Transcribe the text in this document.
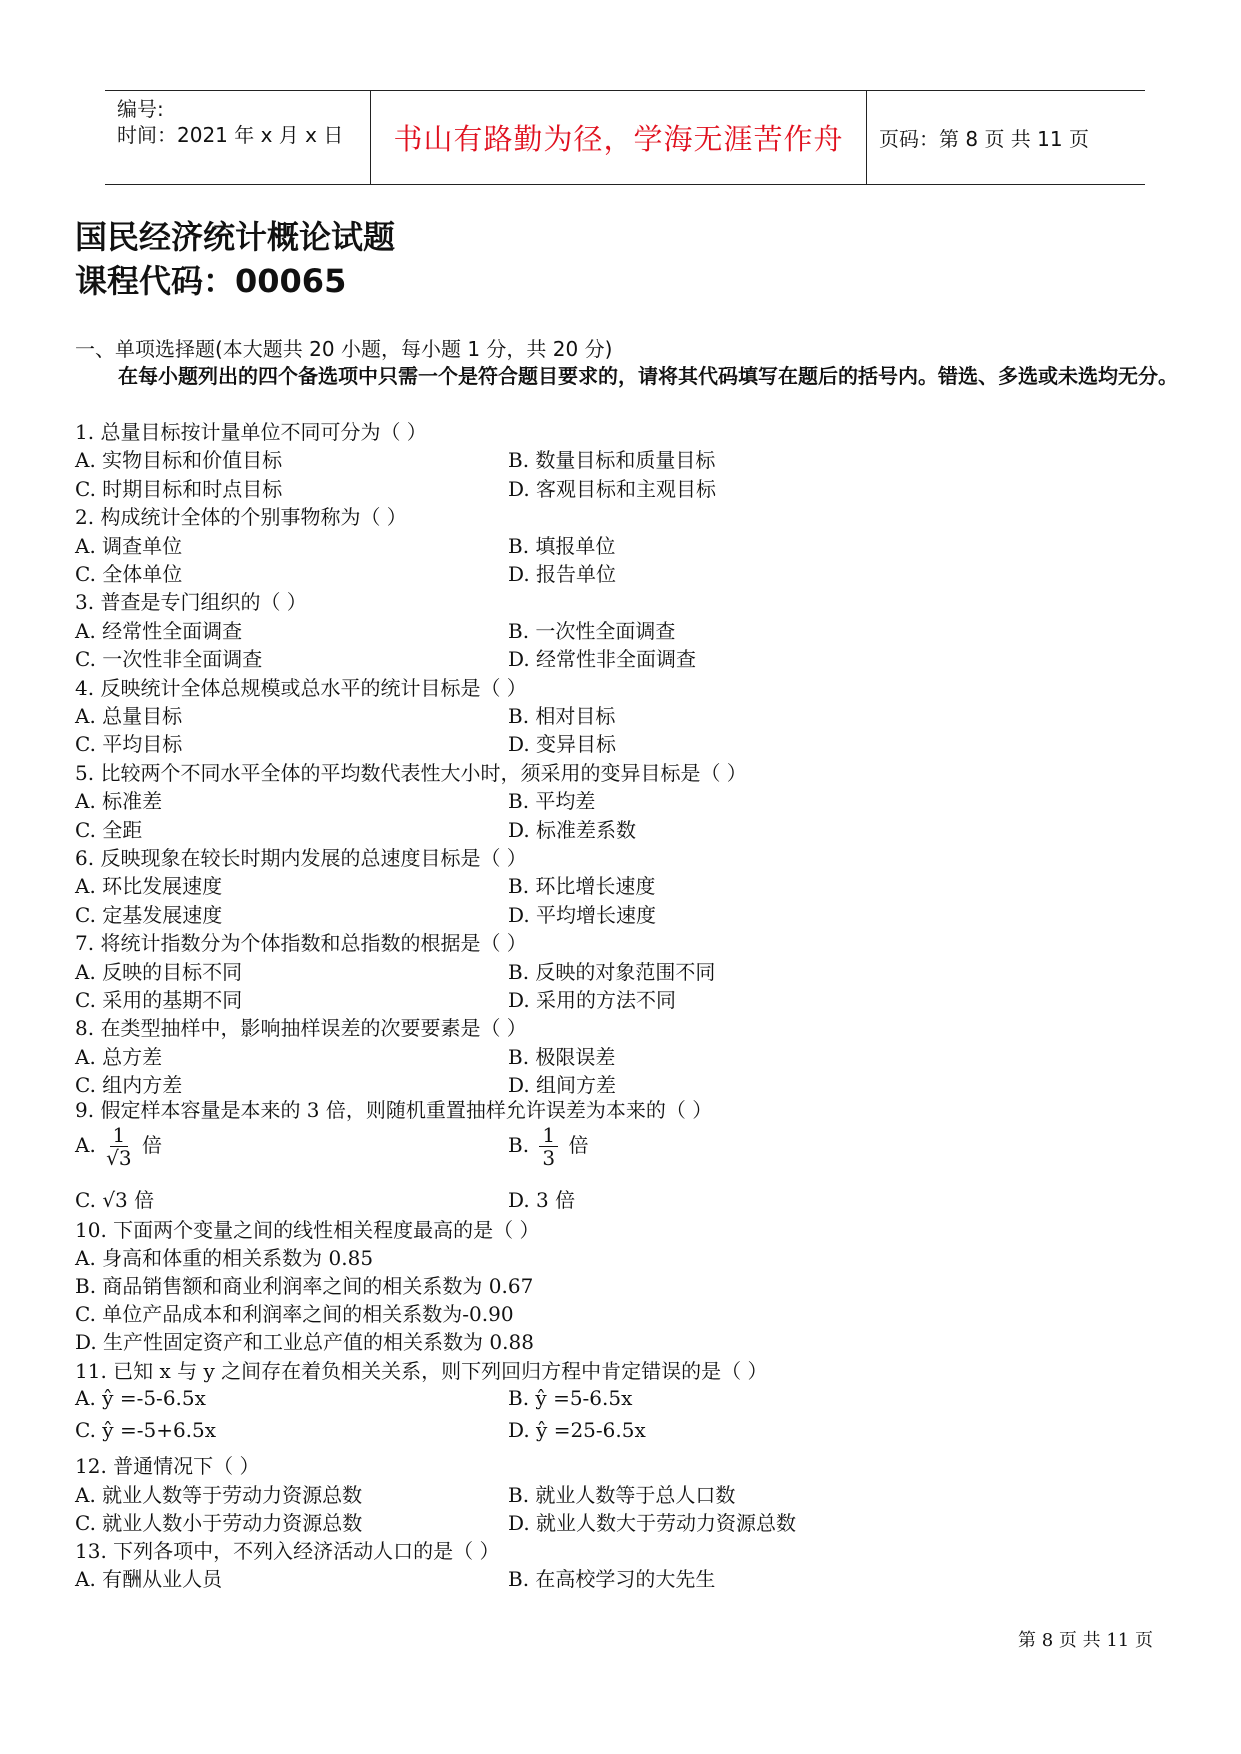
编号:
时间：2021 年 x 月 x 日 书山有路勤为径，学海无涯苦作舟	页码：第 8 页 共 11 页
国民经济统计概论试题
课程代码：00065
一、单项选择题(本大题共 20 小题，每小题 1 分，共 20 分)
在每小题列出的四个备选项中只需一个是符合题目要求的，请将其代码填写在题后的括号内。错选、多选或未选均无分。
1. 总量目标按计量单位不同可分为（ ）
A. 实物目标和价值目标	B. 数量目标和质量目标
C. 时期目标和时点目标	D. 客观目标和主观目标
2. 构成统计全体的个别事物称为（ ）
A. 调查单位	B. 填报单位
C. 全体单位	D. 报告单位
3. 普查是专门组织的（ ）
A. 经常性全面调查	B. 一次性全面调查
C. 一次性非全面调查	D. 经常性非全面调查
4. 反映统计全体总规模或总水平的统计目标是（ ）
A. 总量目标	B. 相对目标
C. 平均目标	D. 变异目标
5. 比较两个不同水平全体的平均数代表性大小时，须采用的变异目标是（ ）
A. 标准差	B. 平均差
C. 全距	D. 标准差系数
6. 反映现象在较长时期内发展的总速度目标是（ ）
A. 环比发展速度	B. 环比增长速度
C. 定基发展速度	D. 平均增长速度
7. 将统计指数分为个体指数和总指数的根据是（ ）
A. 反映的目标不同	B. 反映的对象范围不同
C. 采用的基期不同	D. 采用的方法不同
8. 在类型抽样中，影响抽样误差的次要要素是（ ）
A. 总方差	B. 极限误差
C. 组内方差	D. 组间方差
9. 假定样本容量是本来的 3 倍，则随机重置抽样允许误差为本来的（ ）
A. $\frac{1}{√3}$ 倍	B. $\frac{1}{3}$ 倍
C. √3 倍	D. 3 倍
10. 下面两个变量之间的线性相关程度最高的是（ ）
A. 身高和体重的相关系数为 0.85
B. 商品销售额和商业利润率之间的相关系数为 0.67
C. 单位产品成本和利润率之间的相关系数为-0.90
D. 生产性固定资产和工业总产值的相关系数为 0.88
11. 已知 x 与 y 之间存在着负相关关系，则下列回归方程中肯定错误的是（ ）
A. ŷ =-5-6.5x	B. ŷ =5-6.5x
C. ŷ =-5+6.5x	D. ŷ =25-6.5x
12. 普通情况下（ ）
A. 就业人数等于劳动力资源总数	B. 就业人数等于总人口数
C. 就业人数小于劳动力资源总数	D. 就业人数大于劳动力资源总数
13. 下列各项中，不列入经济活动人口的是（ ）
A. 有酬从业人员	B. 在高校学习的大先生
第 8 页 共 11 页
